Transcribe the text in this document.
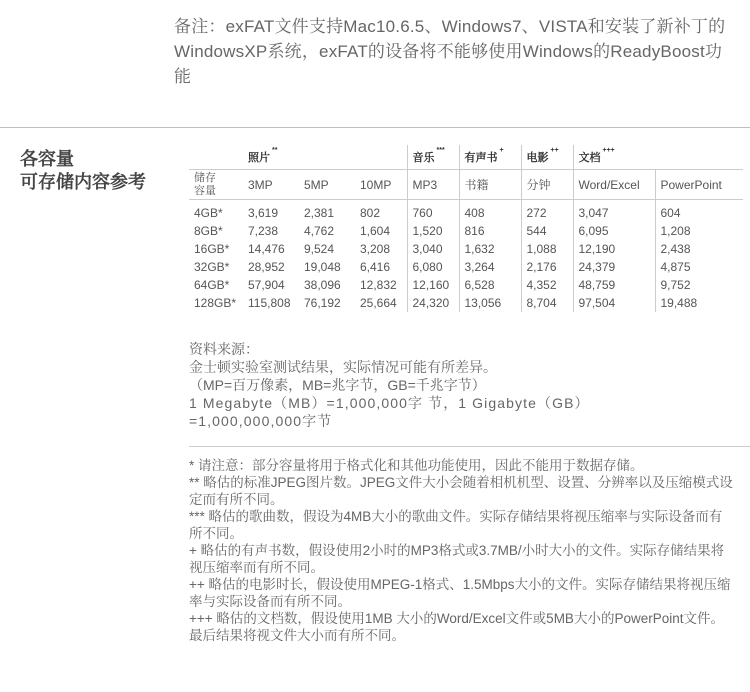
备注：exFAT文件支持Mac10.6.5、Windows7、VISTA和安装了新补丁的WindowsXP系统，exFAT的设备将不能够使用Windows的ReadyBoost功能
各容量
可存储内容参考
	照片**			音乐***	有声书+	电影++	文档+++

储存
容量	3MP	5MP	10MP	MP3	书籍	分钟	Word/Excel	PowerPoint
4GB*	3,619	2,381	802	760	408	272	3,047	604
8GB*	7,238	4,762	1,604	1,520	816	544	6,095	1,208
16GB*	14,476	9,524	3,208	3,040	1,632	1,088	12,190	2,438
32GB*	28,952	19,048	6,416	6,080	3,264	2,176	24,379	4,875
64GB*	57,904	38,096	12,832	12,160	6,528	4,352	48,759	9,752
128GB*	115,808	76,192	25,664	24,320	13,056	8,704	97,504	19,488
资料来源：
金士顿实验室测试结果，实际情况可能有所差异。
（MP=百万像素，MB=兆字节，GB=千兆字节）
1 Megabyte（MB）=1,000,000字 节，1 Gigabyte（GB）
=1,000,000,000字节

* 请注意：部分容量将用于格式化和其他功能使用，因此不能用于数据存储。

** 略估的标准JPEG图片数。JPEG文件大小会随着相机机型、设置、分辨率以及压缩模式设定而有所不同。

*** 略估的歌曲数，假设为4MB大小的歌曲文件。实际存储结果将视压缩率与实际设备而有所不同。

+ 略估的有声书数，假设使用2小时的MP3格式或3.7MB/小时大小的文件。实际存储结果将视压缩率而有所不同。

++ 略估的电影时长，假设使用MPEG-1格式、1.5Mbps大小的文件。实际存储结果将视压缩率与实际设备而有所不同。

+++ 略估的文档数，假设使用1MB 大小的Word/Excel文件或5MB大小的PowerPoint文件。最后结果将视文件大小而有所不同。
